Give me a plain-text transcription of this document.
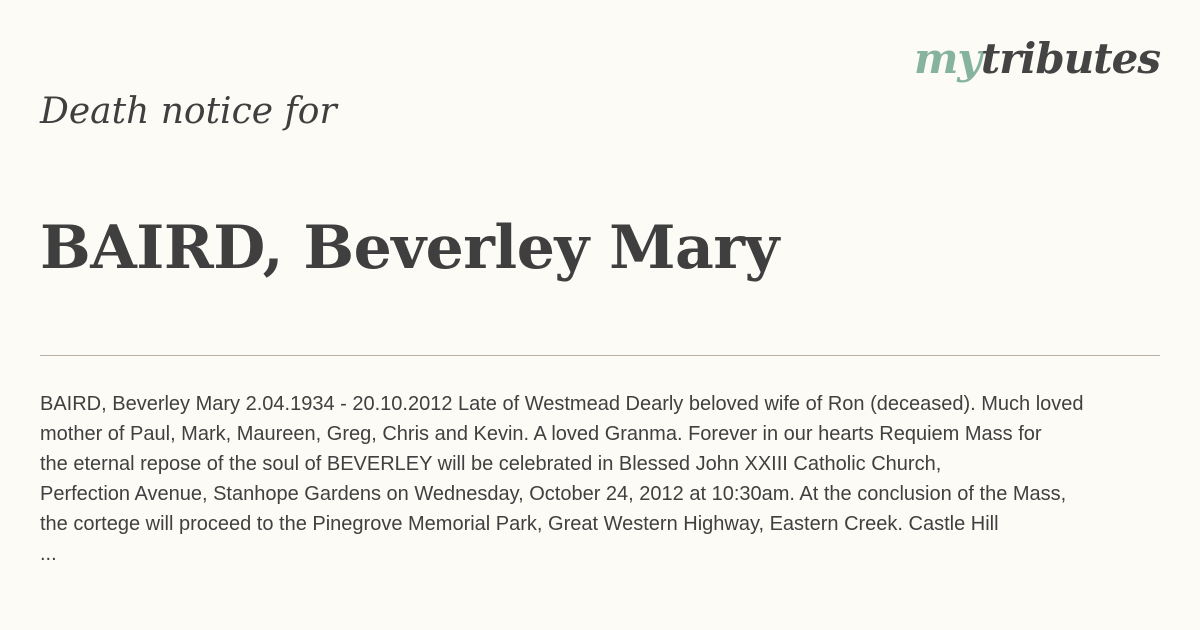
mytributes
Death notice for
BAIRD, Beverley Mary
BAIRD, Beverley Mary 2.04.1934 - 20.10.2012 Late of Westmead Dearly beloved wife of Ron (deceased). Much loved
mother of Paul, Mark, Maureen, Greg, Chris and Kevin. A loved Granma. Forever in our hearts Requiem Mass for
the eternal repose of the soul of BEVERLEY will be celebrated in Blessed John XXIII Catholic Church,
Perfection Avenue, Stanhope Gardens on Wednesday, October 24, 2012 at 10:30am. At the conclusion of the Mass,
the cortege will proceed to the Pinegrove Memorial Park, Great Western Highway, Eastern Creek. Castle Hill
...
